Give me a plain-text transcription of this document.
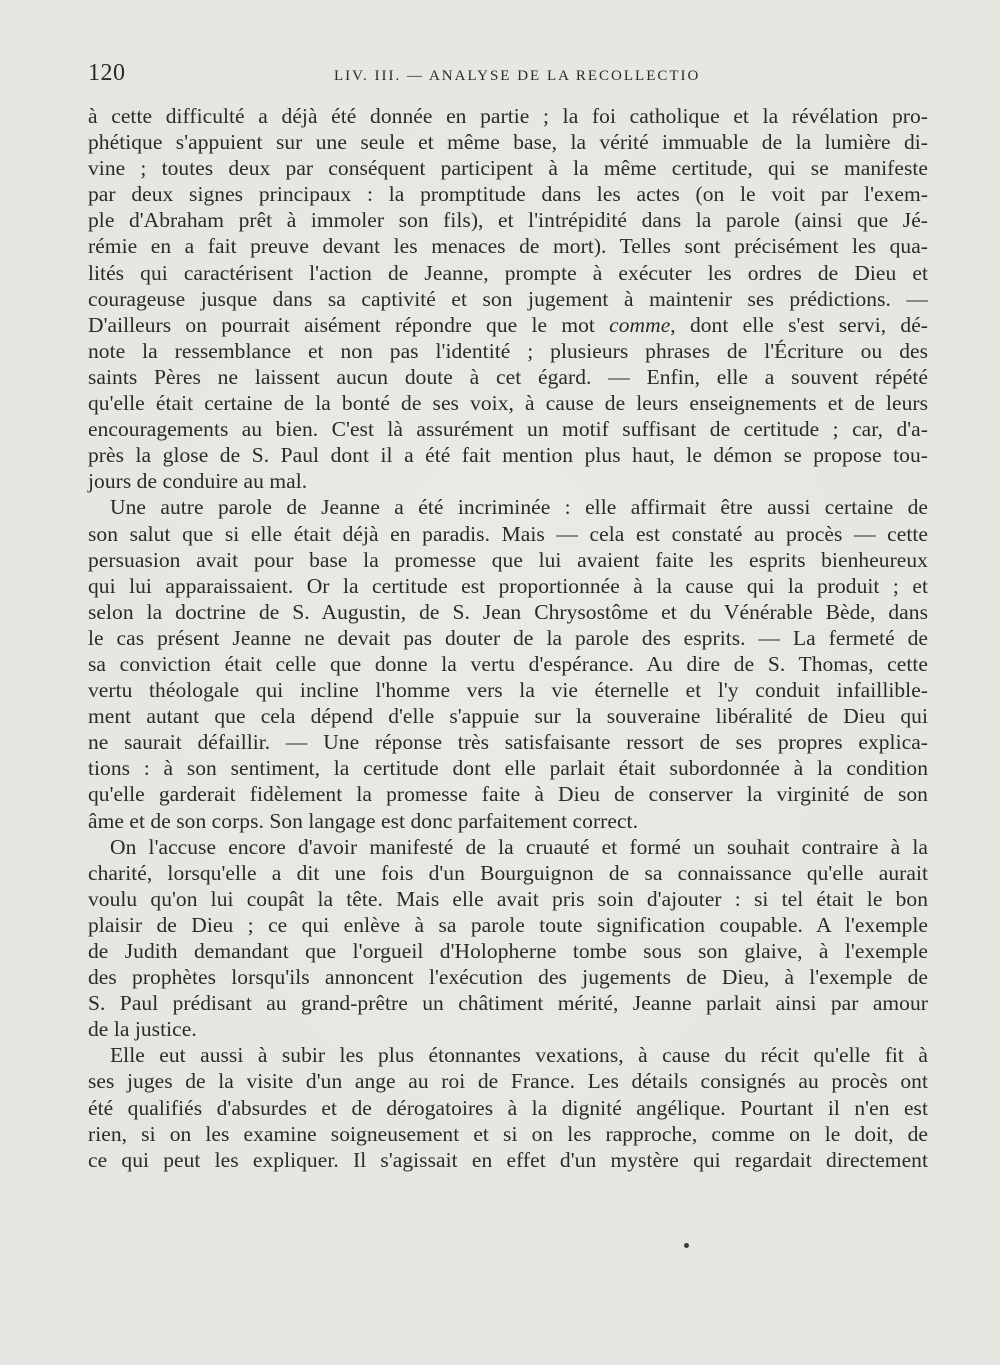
120	LIV. III. — ANALYSE DE LA RECOLLECTIO
à cette difficulté a déjà été donnée en partie ; la foi catholique et la révélation pro-
phétique s'appuient sur une seule et même base, la vérité immuable de la lumière di-
vine ; toutes deux par conséquent participent à la même certitude, qui se manifeste
par deux signes principaux : la promptitude dans les actes (on le voit par l'exem-
ple d'Abraham prêt à immoler son fils), et l'intrépidité dans la parole (ainsi que Jé-
rémie en a fait preuve devant les menaces de mort). Telles sont précisément les qua-
lités qui caractérisent l'action de Jeanne, prompte à exécuter les ordres de Dieu et
courageuse jusque dans sa captivité et son jugement à maintenir ses prédictions. —
D'ailleurs on pourrait aisément répondre que le mot comme, dont elle s'est servi, dé-
note la ressemblance et non pas l'identité ; plusieurs phrases de l'Écriture ou des
saints Pères ne laissent aucun doute à cet égard. — Enfin, elle a souvent répété
qu'elle était certaine de la bonté de ses voix, à cause de leurs enseignements et de leurs
encouragements au bien. C'est là assurément un motif suffisant de certitude ; car, d'a-
près la glose de S. Paul dont il a été fait mention plus haut, le démon se propose tou-
jours de conduire au mal.
Une autre parole de Jeanne a été incriminée : elle affirmait être aussi certaine de
son salut que si elle était déjà en paradis. Mais — cela est constaté au procès — cette
persuasion avait pour base la promesse que lui avaient faite les esprits bienheureux
qui lui apparaissaient. Or la certitude est proportionnée à la cause qui la produit ; et
selon la doctrine de S. Augustin, de S. Jean Chrysostôme et du Vénérable Bède, dans
le cas présent Jeanne ne devait pas douter de la parole des esprits. — La fermeté de
sa conviction était celle que donne la vertu d'espérance. Au dire de S. Thomas, cette
vertu théologale qui incline l'homme vers la vie éternelle et l'y conduit infaillible-
ment autant que cela dépend d'elle s'appuie sur la souveraine libéralité de Dieu qui
ne saurait défaillir. — Une réponse très satisfaisante ressort de ses propres explica-
tions : à son sentiment, la certitude dont elle parlait était subordonnée à la condition
qu'elle garderait fidèlement la promesse faite à Dieu de conserver la virginité de son
âme et de son corps. Son langage est donc parfaitement correct.
On l'accuse encore d'avoir manifesté de la cruauté et formé un souhait contraire à la
charité, lorsqu'elle a dit une fois d'un Bourguignon de sa connaissance qu'elle aurait
voulu qu'on lui coupât la tête. Mais elle avait pris soin d'ajouter : si tel était le bon
plaisir de Dieu ; ce qui enlève à sa parole toute signification coupable. A l'exemple
de Judith demandant que l'orgueil d'Holopherne tombe sous son glaive, à l'exemple
des prophètes lorsqu'ils annoncent l'exécution des jugements de Dieu, à l'exemple de
S. Paul prédisant au grand-prêtre un châtiment mérité, Jeanne parlait ainsi par amour
de la justice.
Elle eut aussi à subir les plus étonnantes vexations, à cause du récit qu'elle fit à
ses juges de la visite d'un ange au roi de France. Les détails consignés au procès ont
été qualifiés d'absurdes et de dérogatoires à la dignité angélique. Pourtant il n'en est
rien, si on les examine soigneusement et si on les rapproche, comme on le doit, de
ce qui peut les expliquer. Il s'agissait en effet d'un mystère qui regardait directement
